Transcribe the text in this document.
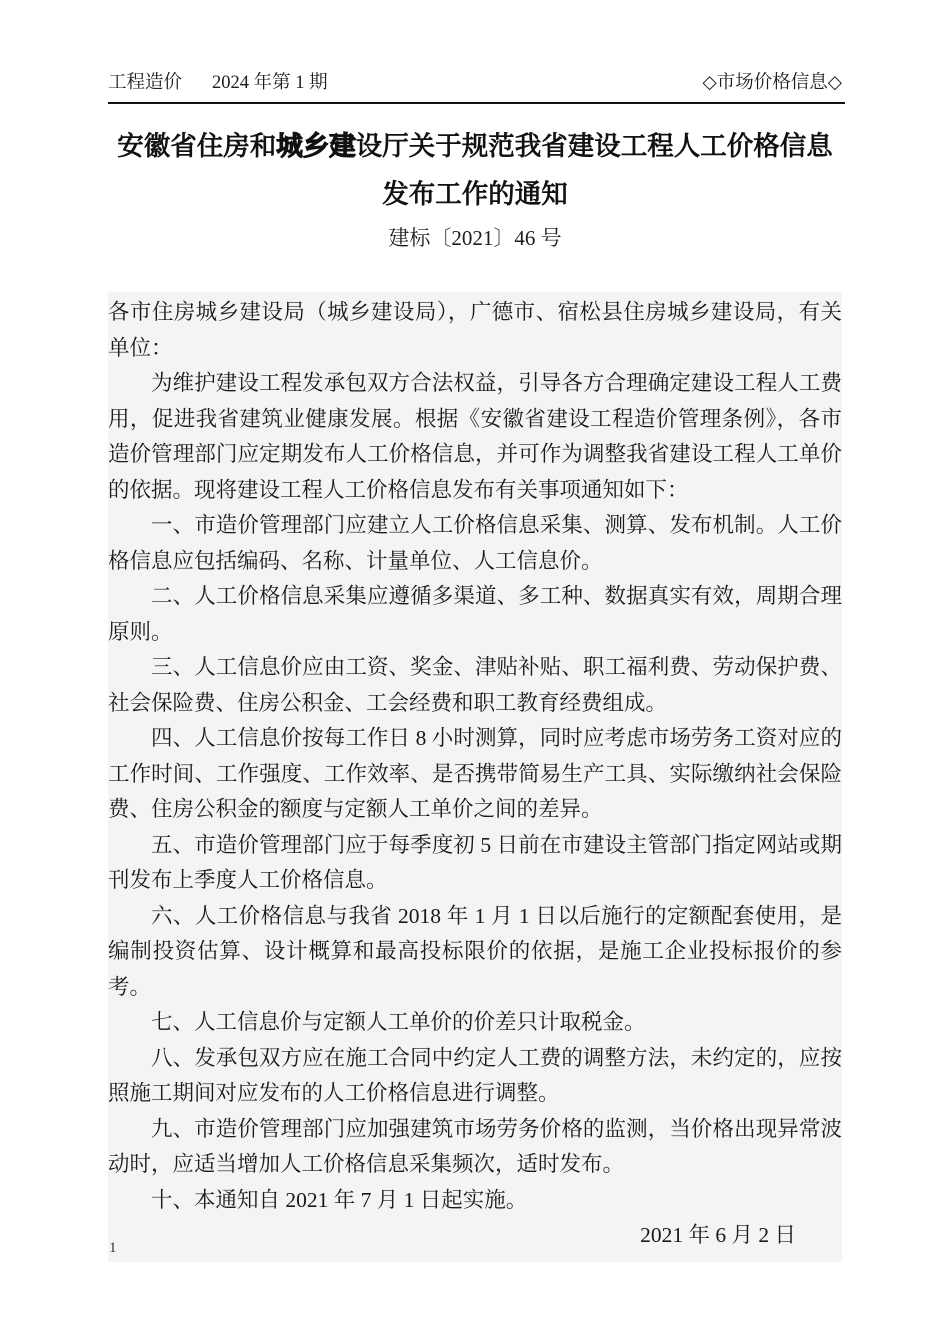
工程造价 2024 年第 1 期	◇市场价格信息◇
安徽省住房和城乡建设厅关于规范我省建设工程人工价格信息
发布工作的通知
建标〔2021〕46 号

各市住房城乡建设局（城乡建设局），广德市、宿松县住房城乡建设局，有关单位：

为维护建设工程发承包双方合法权益，引导各方合理确定建设工程人工费用，促进我省建筑业健康发展。根据《安徽省建设工程造价管理条例》，各市造价管理部门应定期发布人工价格信息，并可作为调整我省建设工程人工单价的依据。现将建设工程人工价格信息发布有关事项通知如下：

一、市造价管理部门应建立人工价格信息采集、测算、发布机制。人工价格信息应包括编码、名称、计量单位、人工信息价。

二、人工价格信息采集应遵循多渠道、多工种、数据真实有效，周期合理原则。

三、人工信息价应由工资、奖金、津贴补贴、职工福利费、劳动保护费、社会保险费、住房公积金、工会经费和职工教育经费组成。

四、人工信息价按每工作日 8 小时测算，同时应考虑市场劳务工资对应的工作时间、工作强度、工作效率、是否携带简易生产工具、实际缴纳社会保险费、住房公积金的额度与定额人工单价之间的差异。

五、市造价管理部门应于每季度初 5 日前在市建设主管部门指定网站或期刊发布上季度人工价格信息。

六、人工价格信息与我省 2018 年 1 月 1 日以后施行的定额配套使用，是编制投资估算、设计概算和最高投标限价的依据，是施工企业投标报价的参考。

七、人工信息价与定额人工单价的价差只计取税金。

八、发承包双方应在施工合同中约定人工费的调整方法，未约定的，应按照施工期间对应发布的人工价格信息进行调整。

九、市造价管理部门应加强建筑市场劳务价格的监测，当价格出现异常波动时，应适当增加人工价格信息采集频次，适时发布。

十、本通知自 2021 年 7 月 1 日起实施。

2021 年 6 月 2 日

1
